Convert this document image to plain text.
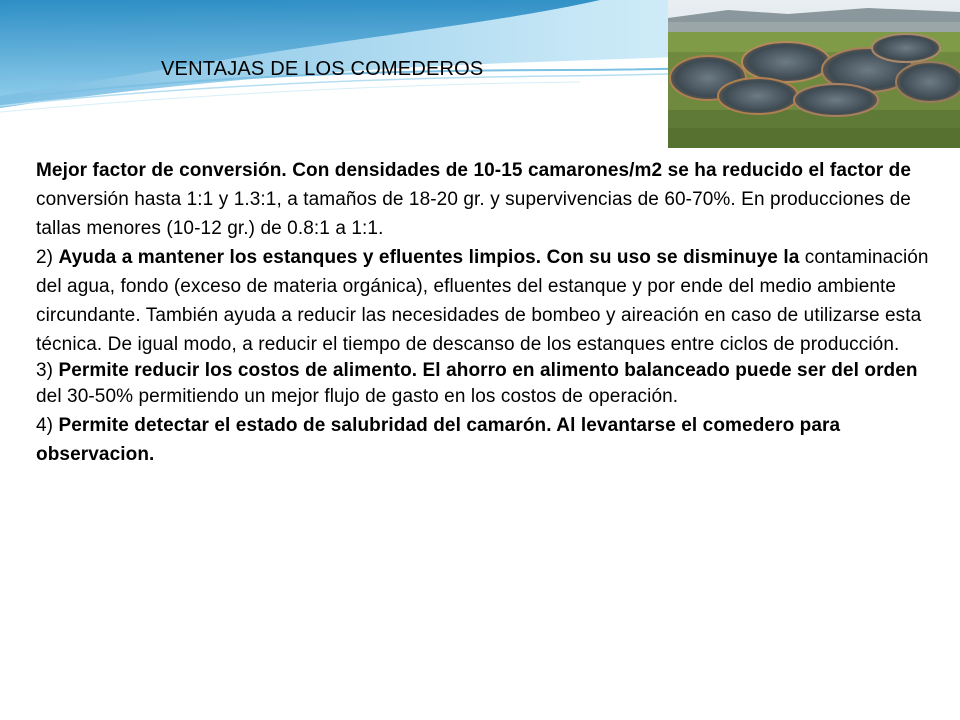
VENTAJAS DE LOS COMEDEROS

Mejor factor de conversión. Con densidades de 10-15 camarones/m2 se ha reducido el factor de conversión hasta 1:1 y 1.3:1, a tamaños de 18-20 gr. y supervivencias de 60-70%. En producciones de tallas menores (10-12 gr.) de 0.8:1 a 1:1.

2) Ayuda a mantener los estanques y efluentes limpios. Con su uso se disminuye la contaminación del agua, fondo (exceso de materia orgánica), efluentes del estanque y por ende del medio ambiente circundante. También ayuda a reducir las necesidades de bombeo y aireación en caso de utilizarse esta técnica. De igual modo, a reducir el tiempo de descanso de los estanques entre ciclos de producción.

3) Permite reducir los costos de alimento. El ahorro en alimento balanceado puede ser del orden

del 30-50% permitiendo un mejor flujo de gasto en los costos de operación.

4) Permite detectar el estado de salubridad del camarón. Al levantarse el comedero para observacion.
